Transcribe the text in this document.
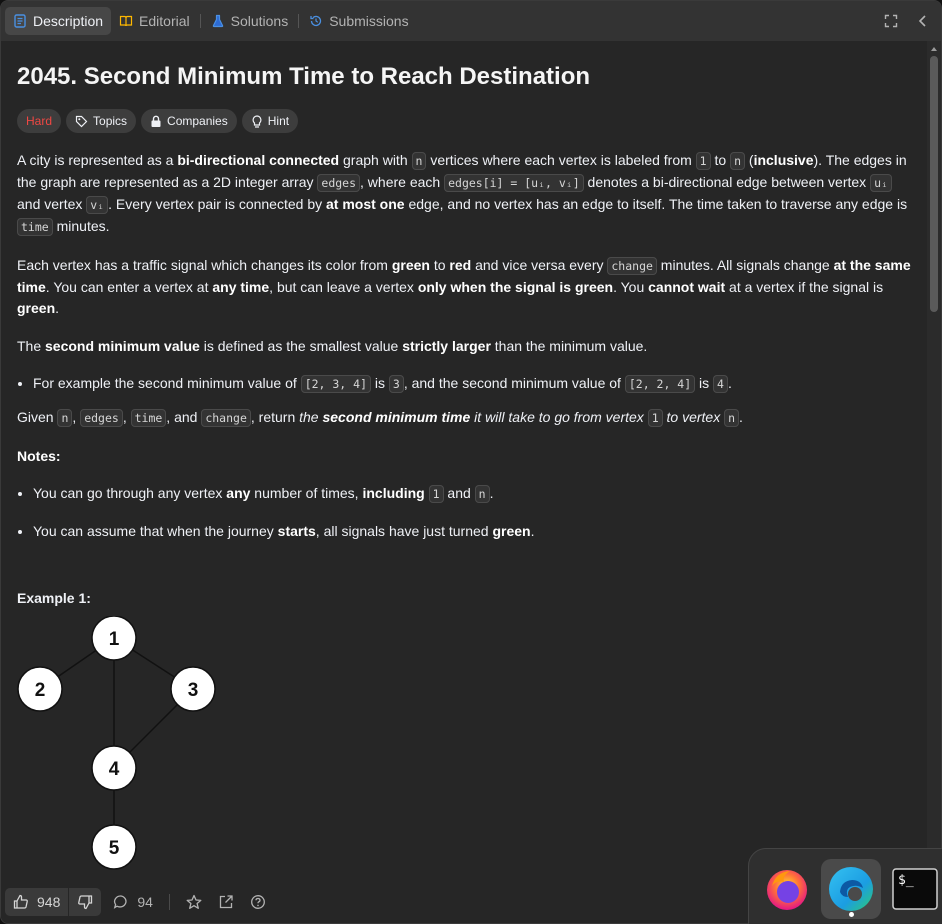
Description	Editorial	Solutions	Submissions
2045. Second Minimum Time to Reach Destination
Hard	Topics	Companies	Hint

A city is represented as a bi-directional connected graph with n vertices where each vertex is labeled from 1 to n (inclusive). The edges in the graph are represented as a 2D integer array edges , where each edges[i] = [uᵢ, vᵢ] denotes a bi-directional edge between vertex uᵢ and vertex vᵢ . Every vertex pair is connected by at most one edge, and no vertex has an edge to itself. The time taken to traverse any edge is time minutes.

Each vertex has a traffic signal which changes its color from green to red and vice versa every change minutes. All signals change at the same time. You can enter a vertex at any time, but can leave a vertex only when the signal is green. You cannot wait at a vertex if the signal is green.

The second minimum value is defined as the smallest value strictly larger than the minimum value.

• For example the second minimum value of [2, 3, 4] is 3 , and the second minimum value of [2, 2, 4] is 4 .

Given n , edges , time , and change , return the second minimum time it will take to go from vertex 1 to vertex n .

Notes:

• You can go through any vertex any number of times, including 1 and n .
• You can assume that when the journey starts, all signals have just turned green.
Example 1:
1
2	3
4
5
948	94
$_
